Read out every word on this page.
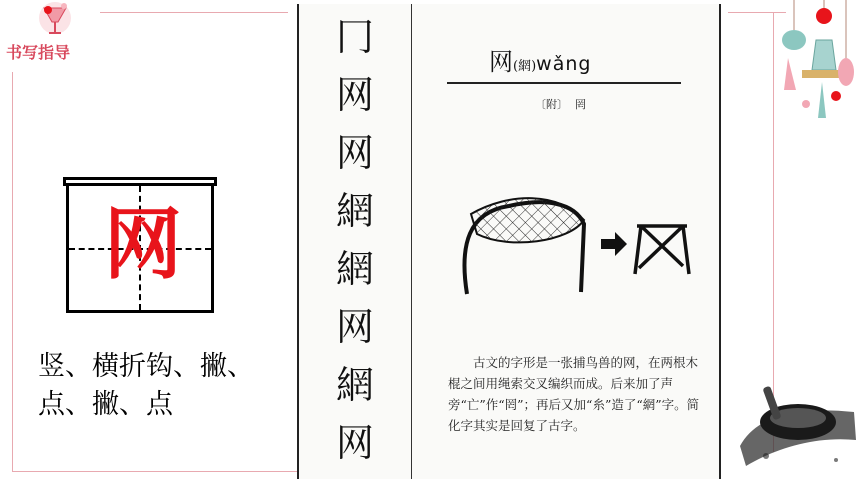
书写指导
网
竖、横折钩、撇、
点、撇、点
冂
网
网
網
網
网
網
网
网(網)wǎng
〔附〕 罔
古文的字形是一张捕鸟兽的网，在两根木棍之间用绳索交叉编织而成。后来加了声旁“亡”作“罔”；再后又加“糸”造了“網”字。简化字其实是回复了古字。
